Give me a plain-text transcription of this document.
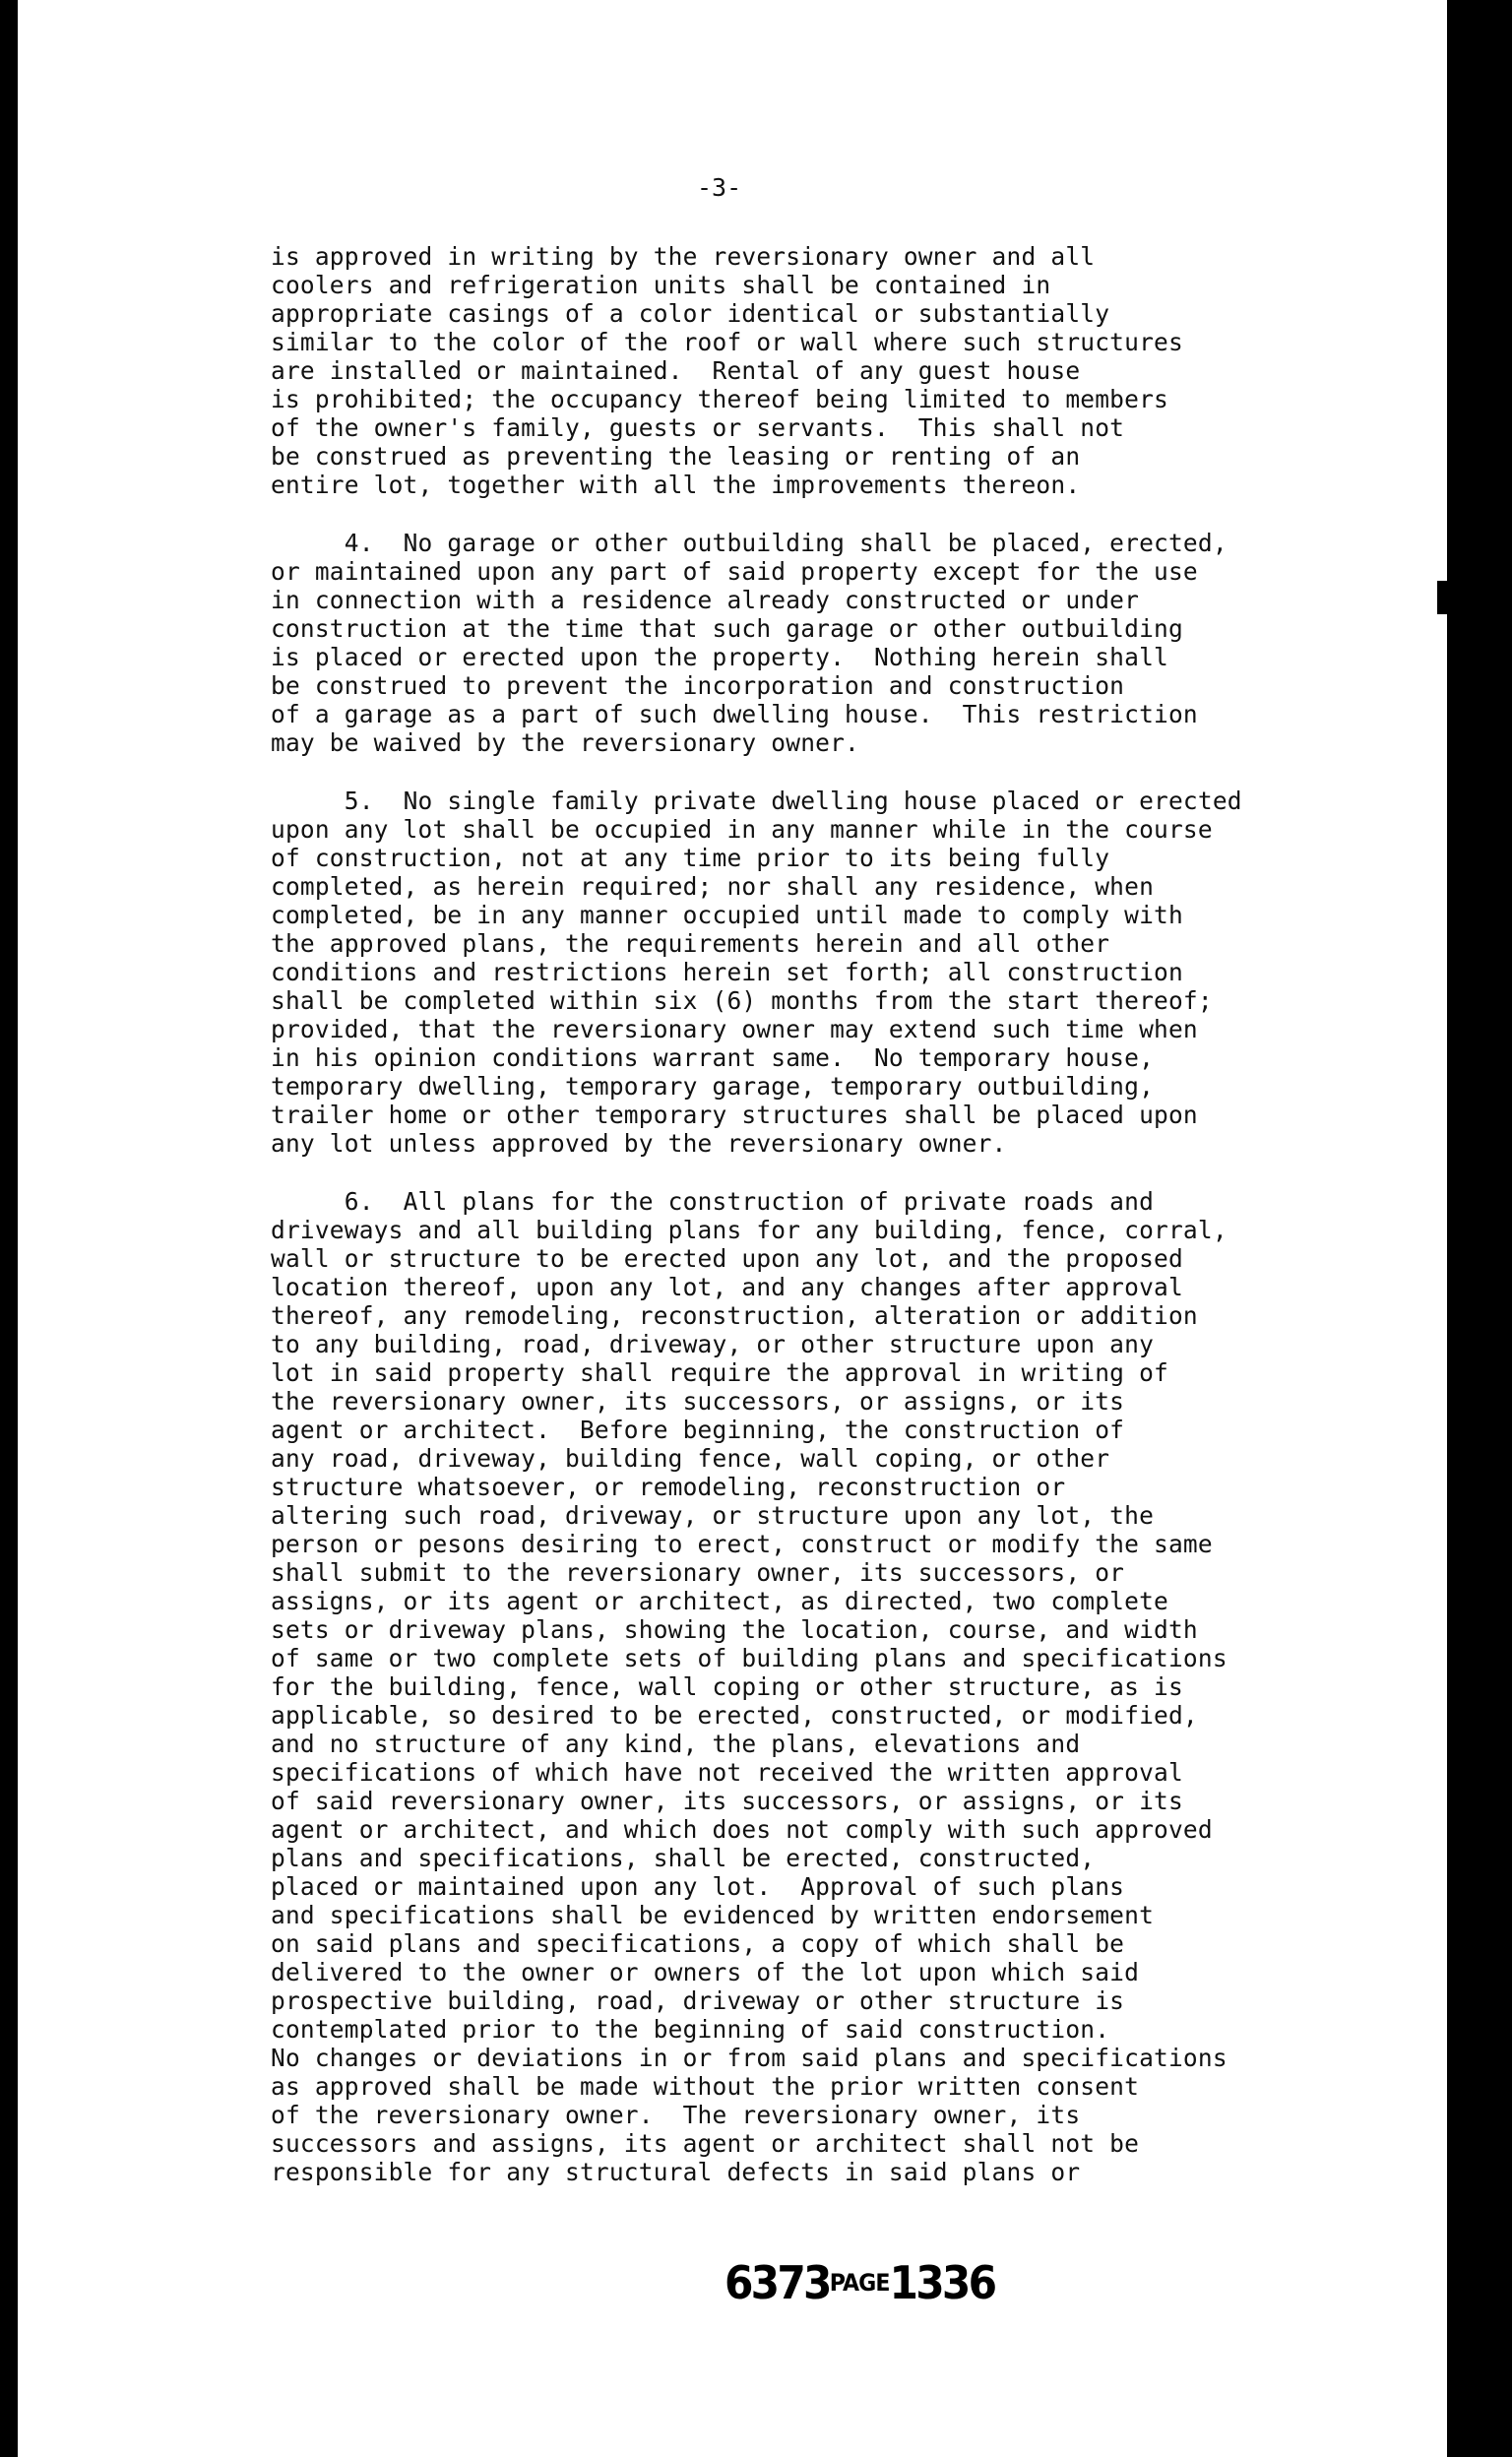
-3-

is approved in writing by the reversionary owner and all
coolers and refrigeration units shall be contained in
appropriate casings of a color identical or substantially
similar to the color of the roof or wall where such structures
are installed or maintained.  Rental of any guest house
is prohibited; the occupancy thereof being limited to members
of the owner's family, guests or servants.  This shall not
be construed as preventing the leasing or renting of an
entire lot, together with all the improvements thereon.

4.  No garage or other outbuilding shall be placed, erected,
or maintained upon any part of said property except for the use
in connection with a residence already constructed or under
construction at the time that such garage or other outbuilding
is placed or erected upon the property.  Nothing herein shall
be construed to prevent the incorporation and construction
of a garage as a part of such dwelling house.  This restriction
may be waived by the reversionary owner.

5.  No single family private dwelling house placed or erected
upon any lot shall be occupied in any manner while in the course
of construction, not at any time prior to its being fully
completed, as herein required; nor shall any residence, when
completed, be in any manner occupied until made to comply with
the approved plans, the requirements herein and all other
conditions and restrictions herein set forth; all construction
shall be completed within six (6) months from the start thereof;
provided, that the reversionary owner may extend such time when
in his opinion conditions warrant same.  No temporary house,
temporary dwelling, temporary garage, temporary outbuilding,
trailer home or other temporary structures shall be placed upon
any lot unless approved by the reversionary owner.

6.  All plans for the construction of private roads and
driveways and all building plans for any building, fence, corral,
wall or structure to be erected upon any lot, and the proposed
location thereof, upon any lot, and any changes after approval
thereof, any remodeling, reconstruction, alteration or addition
to any building, road, driveway, or other structure upon any
lot in said property shall require the approval in writing of
the reversionary owner, its successors, or assigns, or its
agent or architect.  Before beginning, the construction of
any road, driveway, building fence, wall coping, or other
structure whatsoever, or remodeling, reconstruction or
altering such road, driveway, or structure upon any lot, the
person or pesons desiring to erect, construct or modify the same
shall submit to the reversionary owner, its successors, or
assigns, or its agent or architect, as directed, two complete
sets or driveway plans, showing the location, course, and width
of same or two complete sets of building plans and specifications
for the building, fence, wall coping or other structure, as is
applicable, so desired to be erected, constructed, or modified,
and no structure of any kind, the plans, elevations and
specifications of which have not received the written approval
of said reversionary owner, its successors, or assigns, or its
agent or architect, and which does not comply with such approved
plans and specifications, shall be erected, constructed,
placed or maintained upon any lot.  Approval of such plans
and specifications shall be evidenced by written endorsement
on said plans and specifications, a copy of which shall be
delivered to the owner or owners of the lot upon which said
prospective building, road, driveway or other structure is
contemplated prior to the beginning of said construction.
No changes or deviations in or from said plans and specifications
as approved shall be made without the prior written consent
of the reversionary owner.  The reversionary owner, its
successors and assigns, its agent or architect shall not be
responsible for any structural defects in said plans or

6373PAGE1336
